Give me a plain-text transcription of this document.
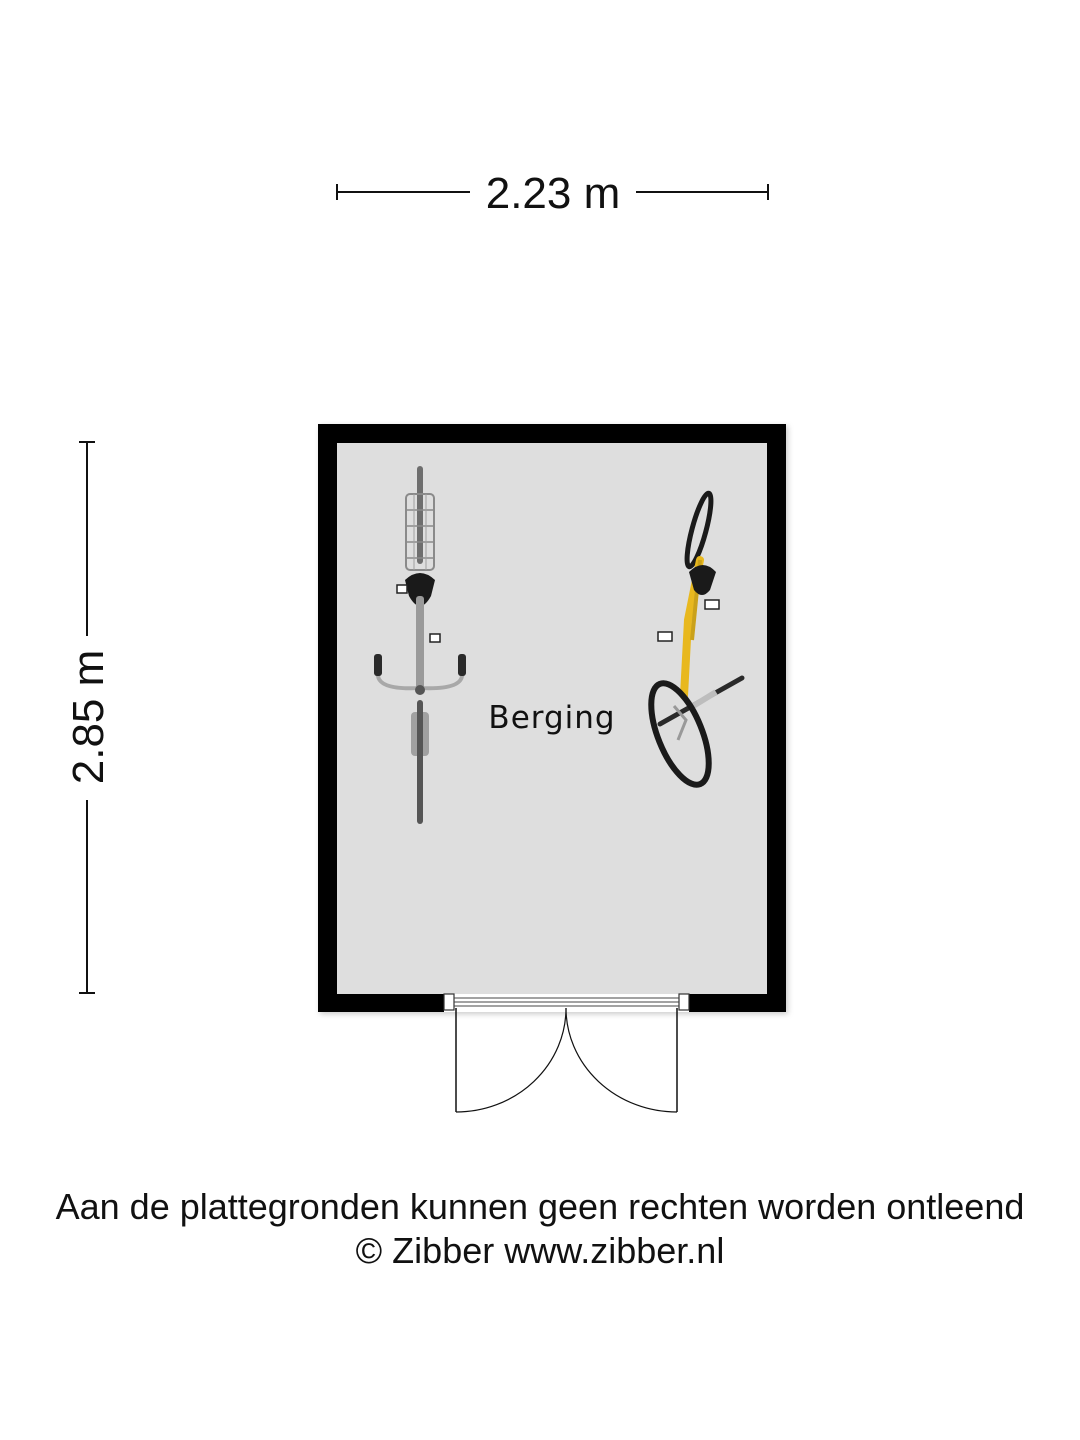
2.23 m
2.85 m	Berging
Aan de plattegronden kunnen geen rechten worden ontleend
© Zibber www.zibber.nl
